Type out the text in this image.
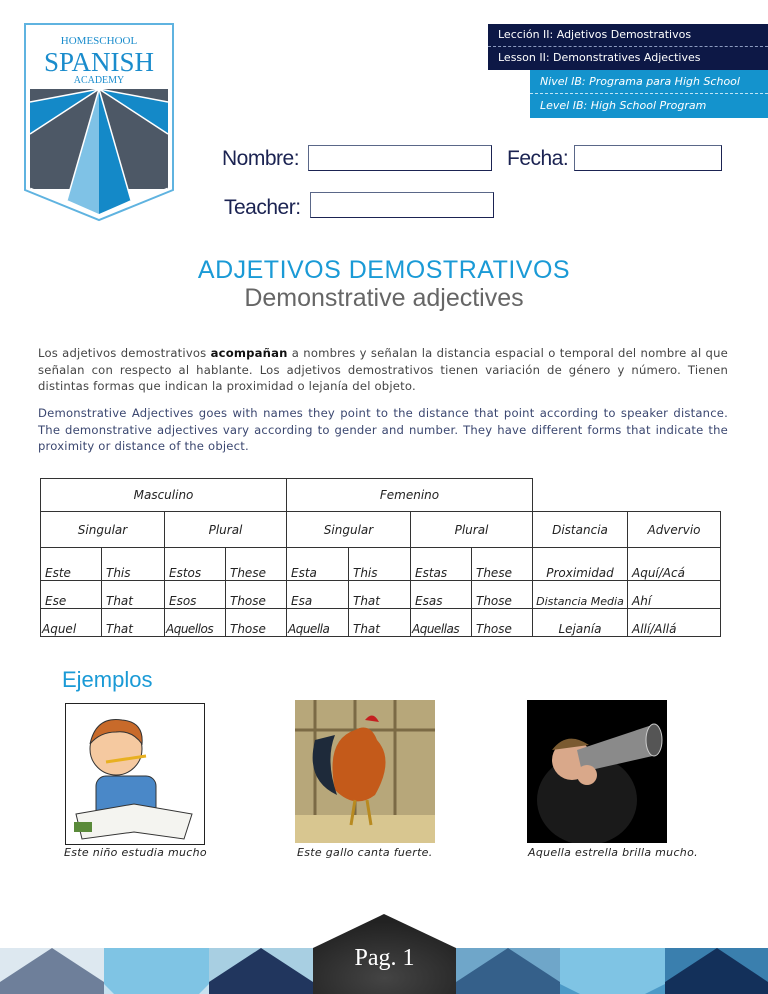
HOMESCHOOL
SPANISH
ACADEMY
Lección II: Adjetivos Demostrativos
Lesson II: Demonstratives Adjectives
Nivel IB: Programa para High School
Level IB: High School Program
Nombre:	Fecha:
Teacher:
ADJETIVOS DEMOSTRATIVOS
Demonstrative adjectives
Los adjetivos demostrativos acompañan a nombres y señalan la distancia espacial o temporal del nombre al que señalan con respecto al hablante. Los adjetivos demostrativos tienen variación de género y número. Tienen distintas formas que indican la proximidad o lejanía del objeto.
Demonstrative Adjectives goes with names they point to the distance that point according to speaker distance. The demonstrative adjectives vary according to gender and number. They have different forms that indicate the proximity or distance of the object.
Masculino				Femenino					
Singular		Plural		Singular		Plural		Distancia	Advervio
Este	This	Estos	These	Esta	This	Estas	These	Proximidad	Aquí/Acá
Ese	That	Esos	Those	Esa	That	Esas	Those	Distancia Media	Ahí
Aquel	That	Aquellos	Those	Aquella	That	Aquellas	Those	Lejanía	Allí/Allá
Ejemplos
Este niño estudia mucho	Este gallo canta fuerte.	Aquella estrella brilla mucho.
Pag. 1
